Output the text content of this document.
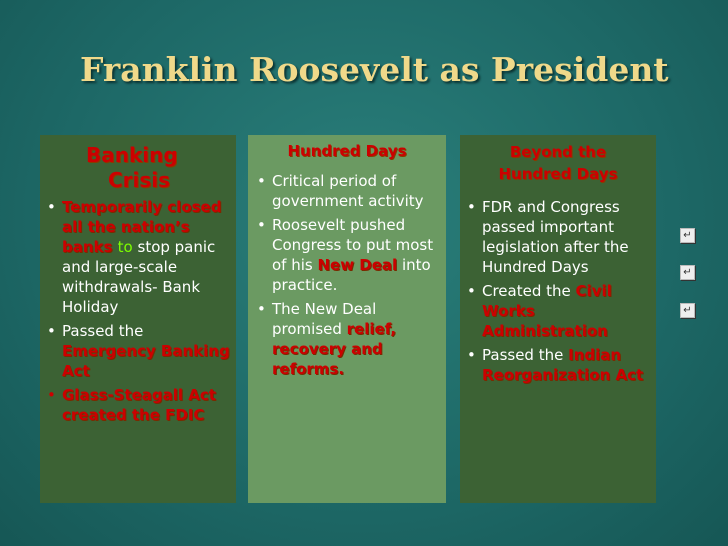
Franklin Roosevelt as President
Banking
Crisis
• Temporarily closed all the nation’s banks to stop panic and large-scale withdrawals- Bank Holiday
• Passed the Emergency Banking Act
• Glass-Steagall Act created the FDIC
Hundred Days
• Critical period of government activity
• Roosevelt pushed Congress to put most of his New Deal into practice.
• The New Deal promised relief, recovery and reforms.
Beyond the
Hundred Days
• FDR and Congress passed important legislation after the Hundred Days
• Created the Civil Works Administration
• Passed the Indian Reorganization Act
↵
↵
↵
